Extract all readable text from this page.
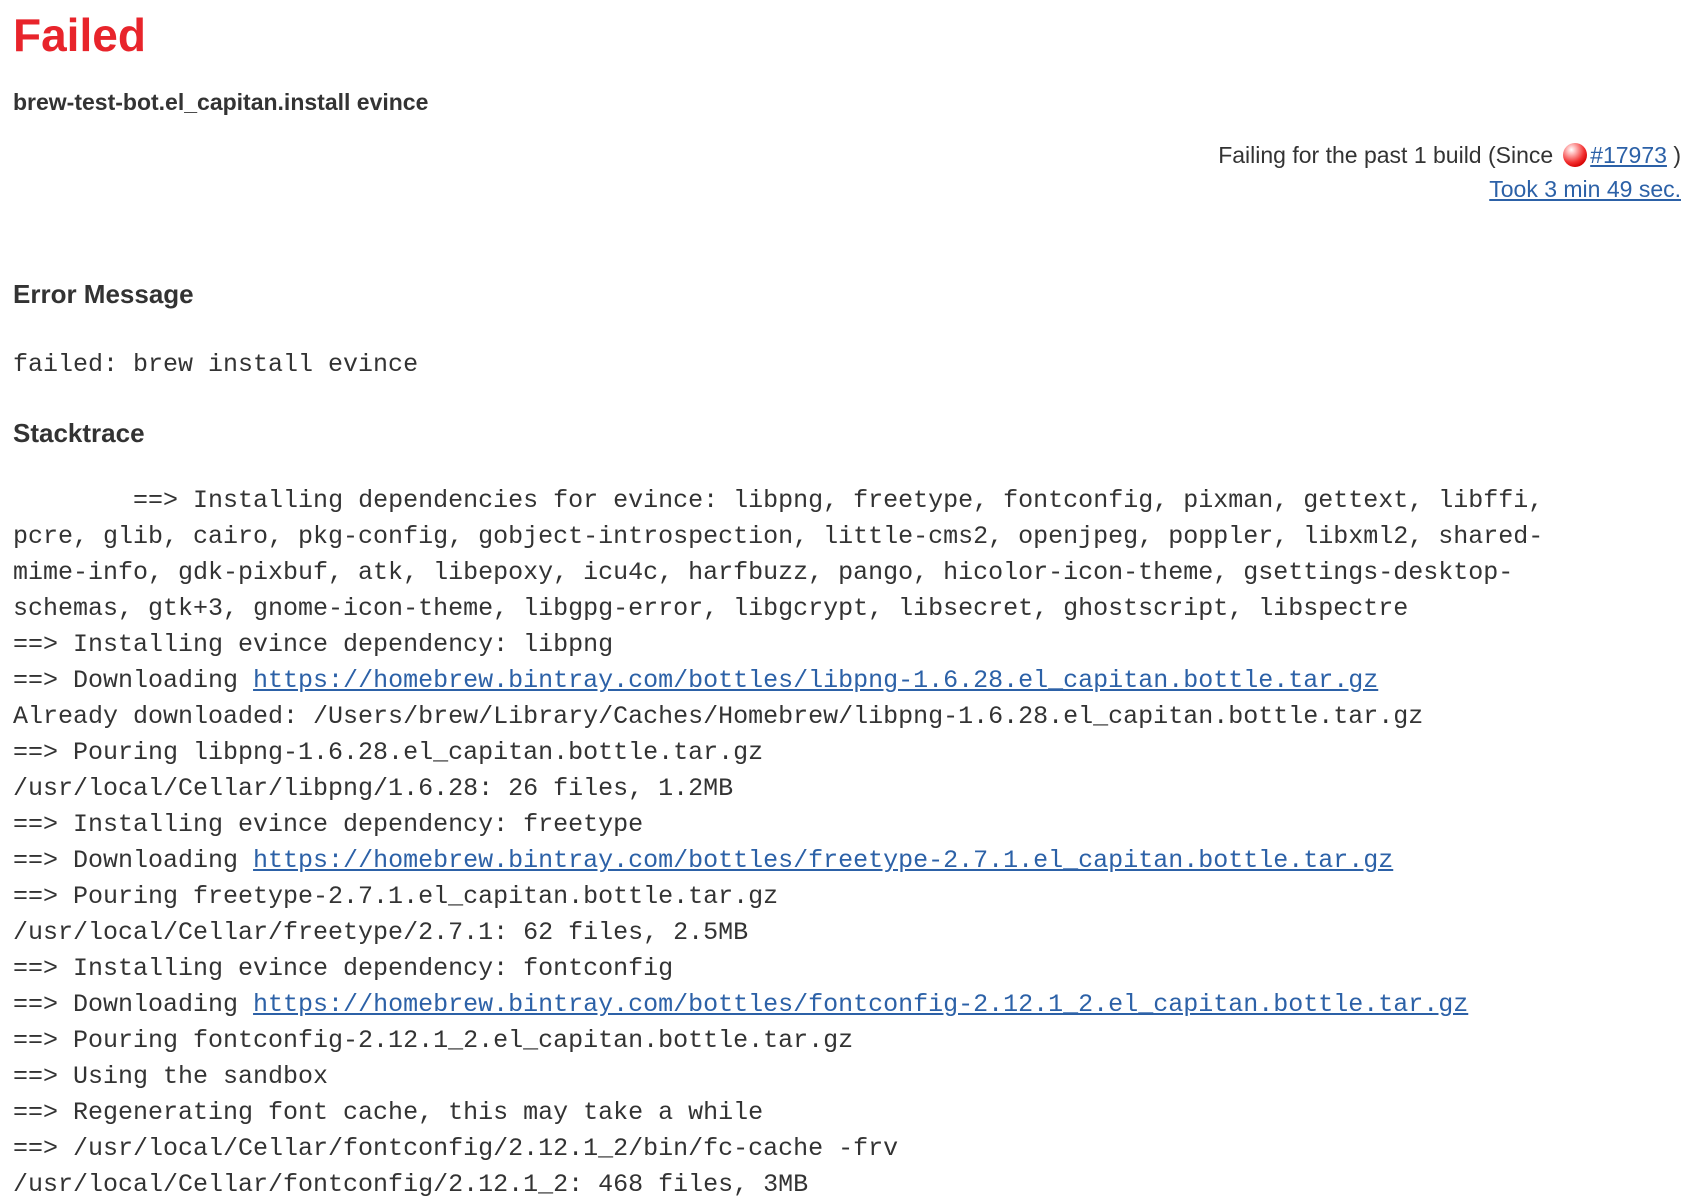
Failed
brew-test-bot.el_capitan.install evince
Failing for the past 1 build (Since #17973 )
Took 3 min 49 sec.
Error Message
failed: brew install evince
Stacktrace
==> Installing dependencies for evince: libpng, freetype, fontconfig, pixman, gettext, libffi,
pcre, glib, cairo, pkg-config, gobject-introspection, little-cms2, openjpeg, poppler, libxml2, shared-
mime-info, gdk-pixbuf, atk, libepoxy, icu4c, harfbuzz, pango, hicolor-icon-theme, gsettings-desktop-
schemas, gtk+3, gnome-icon-theme, libgpg-error, libgcrypt, libsecret, ghostscript, libspectre
==> Installing evince dependency: libpng
==> Downloading https://homebrew.bintray.com/bottles/libpng-1.6.28.el_capitan.bottle.tar.gz
Already downloaded: /Users/brew/Library/Caches/Homebrew/libpng-1.6.28.el_capitan.bottle.tar.gz
==> Pouring libpng-1.6.28.el_capitan.bottle.tar.gz
/usr/local/Cellar/libpng/1.6.28: 26 files, 1.2MB
==> Installing evince dependency: freetype
==> Downloading https://homebrew.bintray.com/bottles/freetype-2.7.1.el_capitan.bottle.tar.gz
==> Pouring freetype-2.7.1.el_capitan.bottle.tar.gz
/usr/local/Cellar/freetype/2.7.1: 62 files, 2.5MB
==> Installing evince dependency: fontconfig
==> Downloading https://homebrew.bintray.com/bottles/fontconfig-2.12.1_2.el_capitan.bottle.tar.gz
==> Pouring fontconfig-2.12.1_2.el_capitan.bottle.tar.gz
==> Using the sandbox
==> Regenerating font cache, this may take a while
==> /usr/local/Cellar/fontconfig/2.12.1_2/bin/fc-cache -frv
/usr/local/Cellar/fontconfig/2.12.1_2: 468 files, 3MB
